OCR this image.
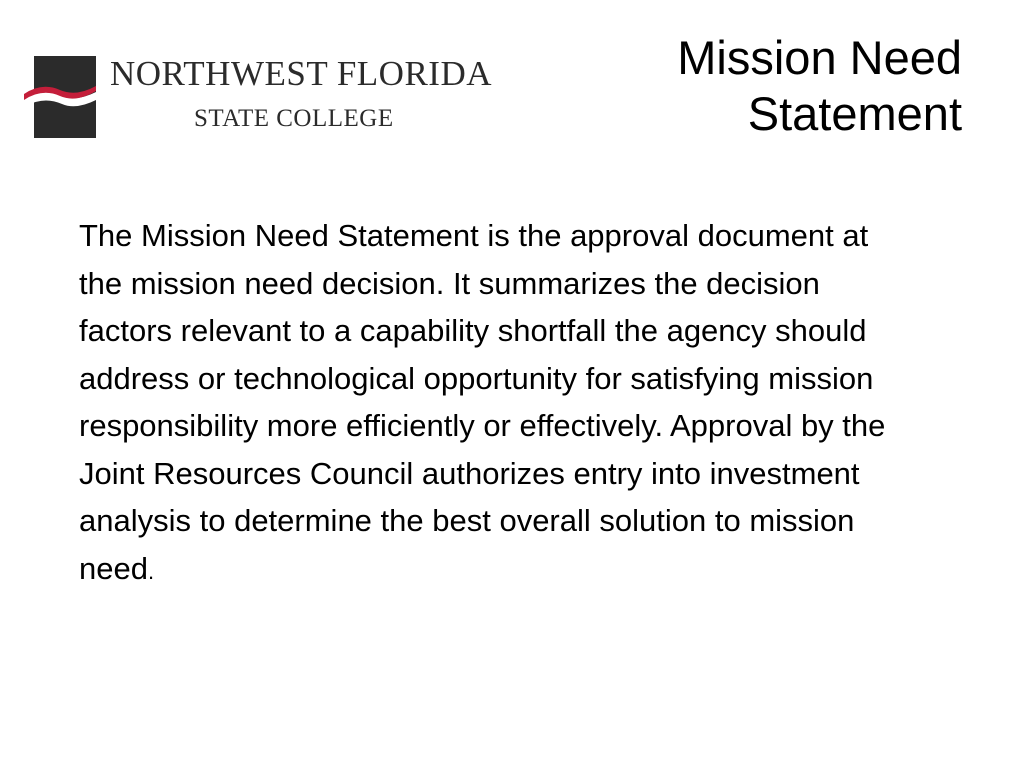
NORTHWEST FLORIDA
STATE COLLEGE
Mission Need Statement

The Mission Need Statement is the approval document at the mission need decision. It summarizes the decision factors relevant to a capability shortfall the agency should address or technological opportunity for satisfying mission responsibility more efficiently or effectively. Approval by the Joint Resources Council authorizes entry into investment analysis to determine the best overall solution to mission need.
